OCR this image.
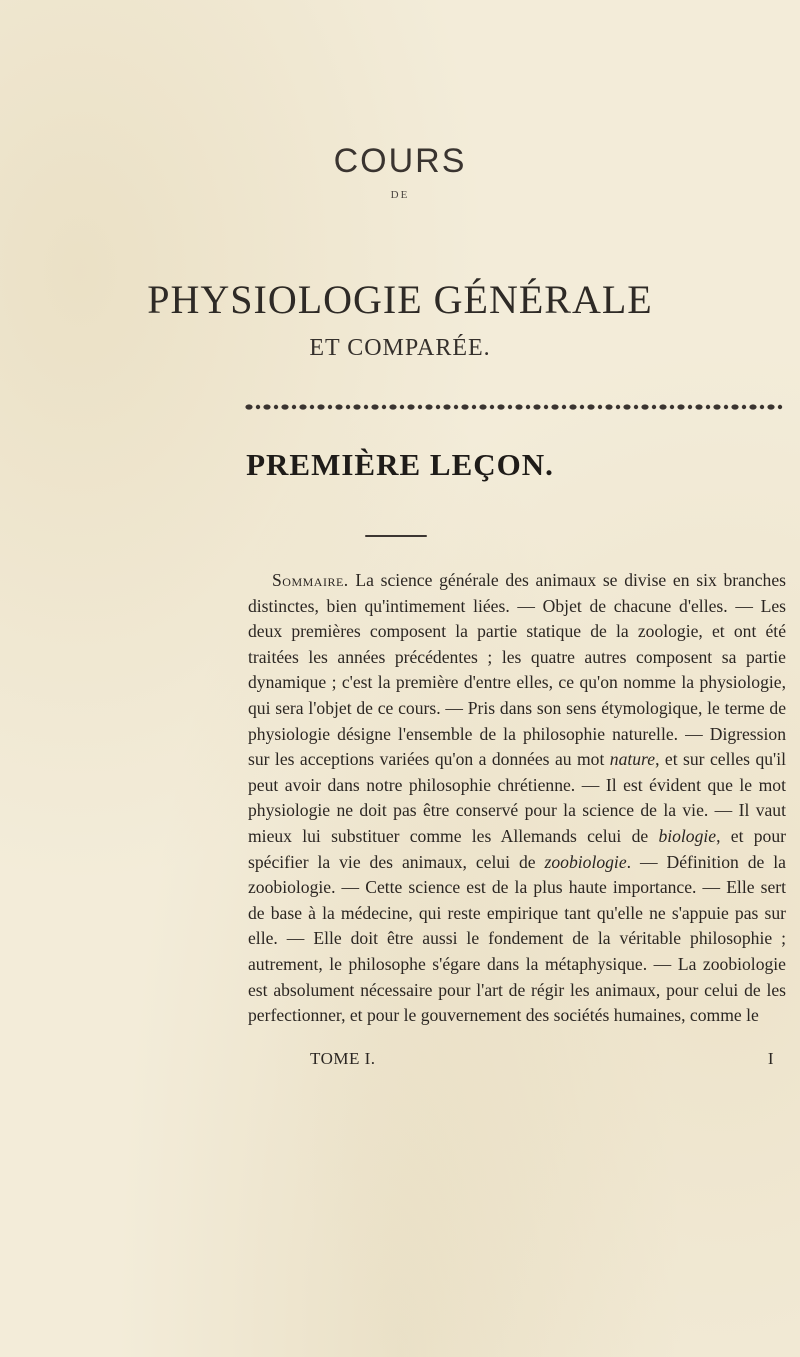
COURS
DE
PHYSIOLOGIE GÉNÉRALE
ET COMPARÉE.
PREMIÈRE LEÇON.

Sommaire. La science générale des animaux se divise en six branches distinctes, bien qu'intimement liées. — Objet de chacune d'elles. — Les deux premières composent la partie statique de la zoologie, et ont été traitées les années précédentes ; les quatre autres composent sa partie dynamique ; c'est la première d'entre elles, ce qu'on nomme la physiologie, qui sera l'objet de ce cours. — Pris dans son sens étymologique, le terme de physiologie désigne l'ensemble de la philosophie naturelle. — Digression sur les acceptions variées qu'on a données au mot nature, et sur celles qu'il peut avoir dans notre philosophie chrétienne. — Il est évident que le mot physiologie ne doit pas être conservé pour la science de la vie. — Il vaut mieux lui substituer comme les Allemands celui de biologie, et pour spécifier la vie des animaux, celui de zoobiologie. — Définition de la zoobiologie. — Cette science est de la plus haute importance. — Elle sert de base à la médecine, qui reste empirique tant qu'elle ne s'appuie pas sur elle. — Elle doit être aussi le fondement de la véritable philosophie ; autrement, le philosophe s'égare dans la métaphysique. — La zoobiologie est absolument nécessaire pour l'art de régir les animaux, pour celui de les perfectionner, et pour le gouvernement des sociétés humaines, comme le

TOME I.	I
